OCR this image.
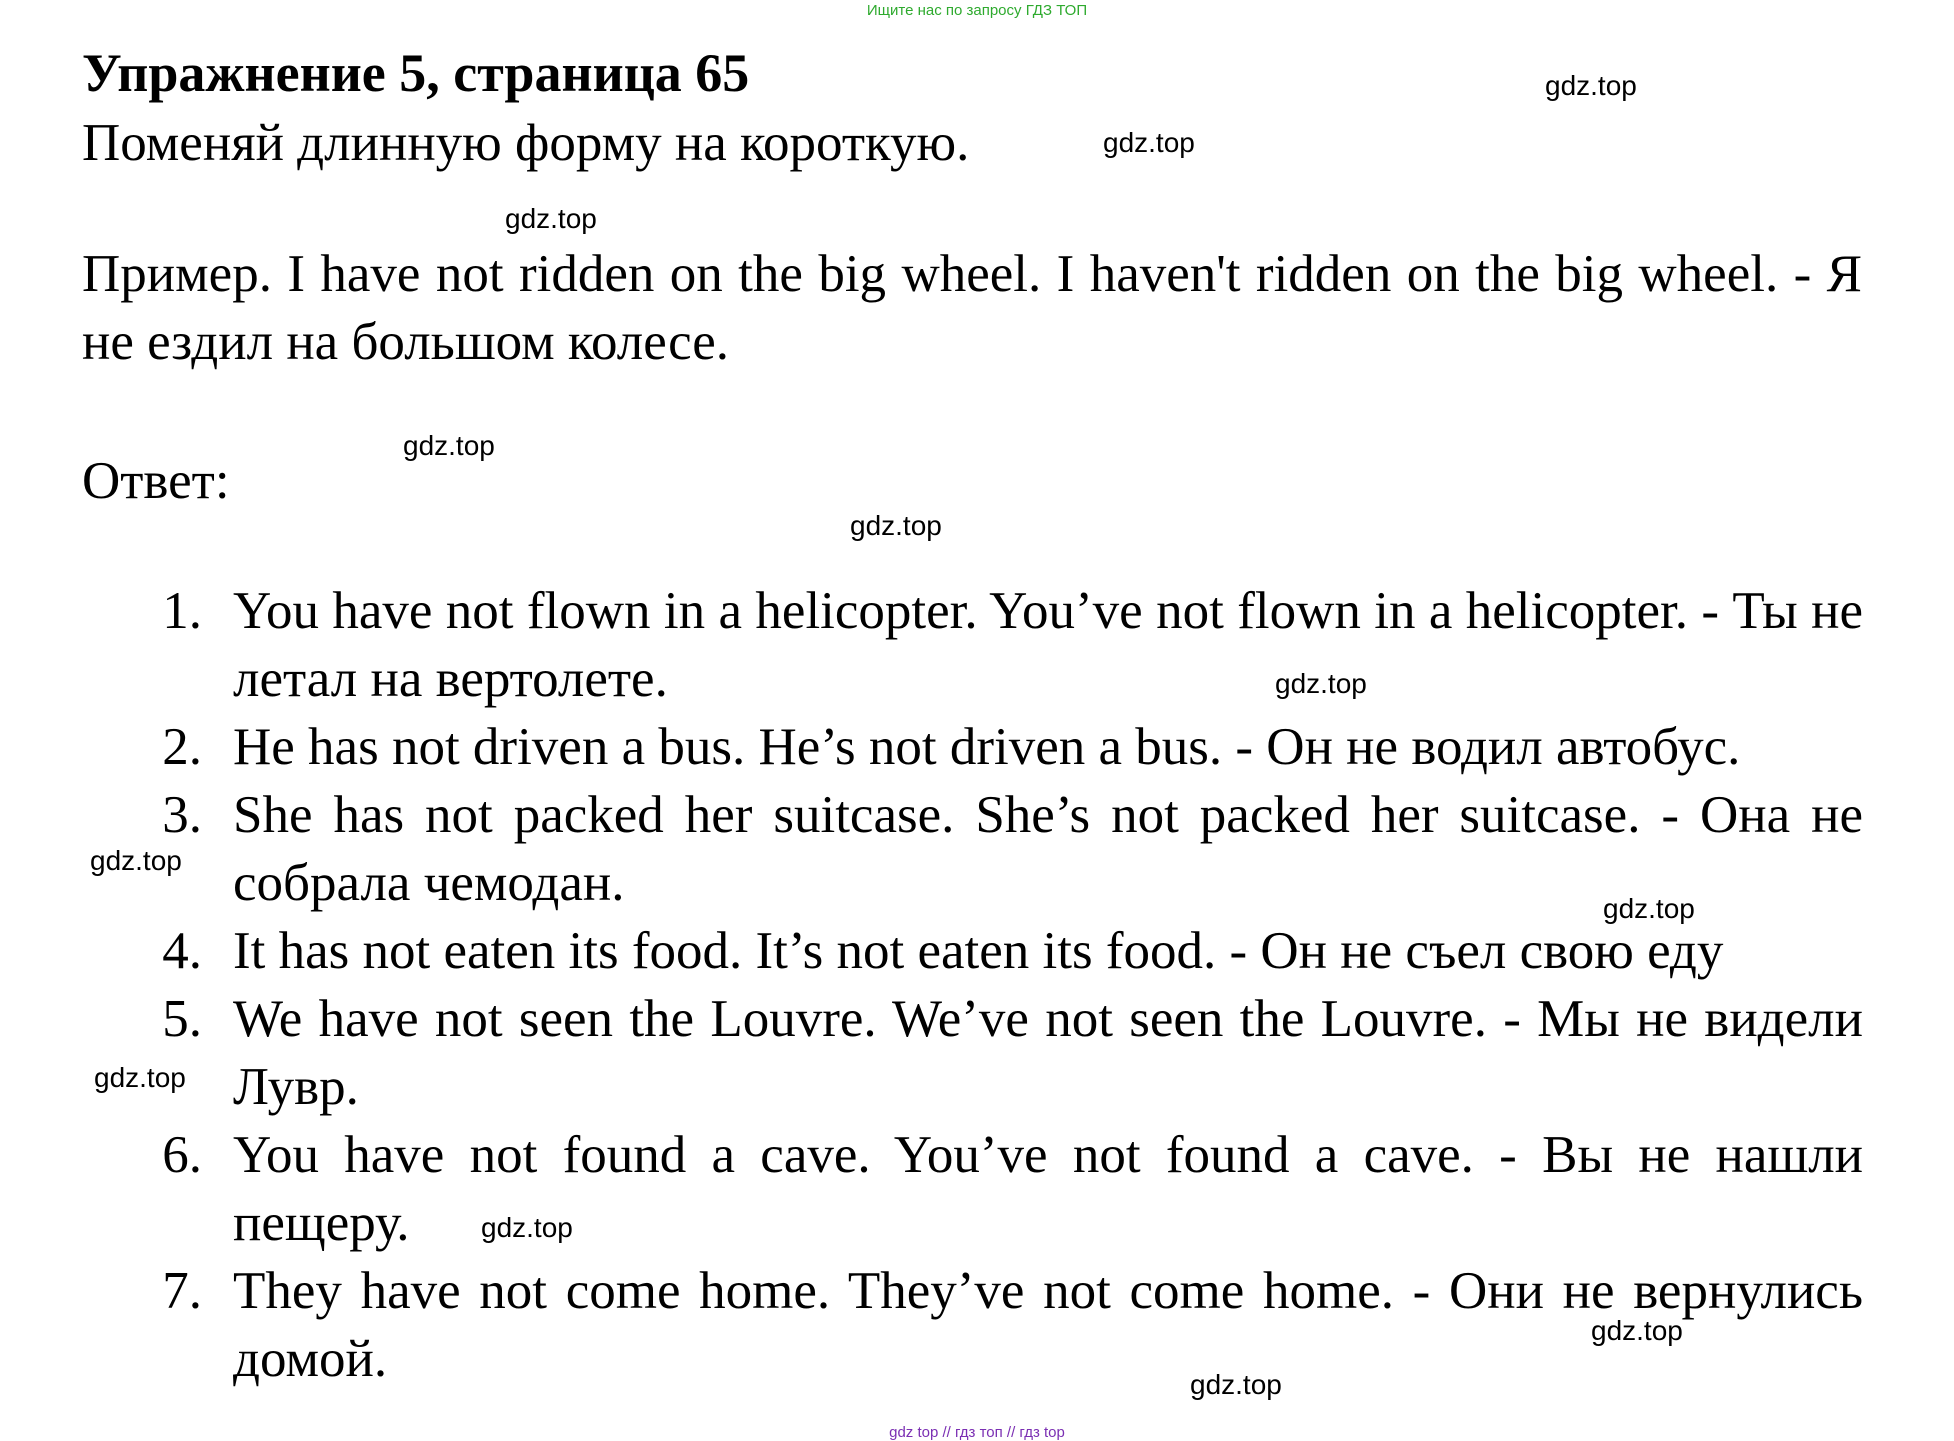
Ищите нас по запросу ГДЗ ТОП
Упражнение 5, страница 65
Поменяй длинную форму на короткую.
Пример. I have not ridden on the big wheel. I haven't ridden on the big wheel. - Я не ездил на большом колесе.
Ответ:
1. You have not flown in a helicopter. You’ve not flown in a helicopter. - Ты не летал на вертолете.
2. He has not driven a bus. He’s not driven a bus. - Он не водил автобус.
3. She has not packed her suitcase. She’s not packed her suitcase. - Она не собрала чемодан.
4. It has not eaten its food. It’s not eaten its food. - Он не съел свою еду
5. We have not seen the Louvre. We’ve not seen the Louvre. - Мы не видели Лувр.
6. You have not found a cave. You’ve not found a cave. - Вы не нашли пещеру.
7. They have not come home. They’ve not come home. - Они не вернулись домой.
gdz.top
gdz.top
gdz.top
gdz.top
gdz.top
gdz.top
gdz.top
gdz.top
gdz.top
gdz.top
gdz.top
gdz.top
gdz top // гдз топ // гдз top
